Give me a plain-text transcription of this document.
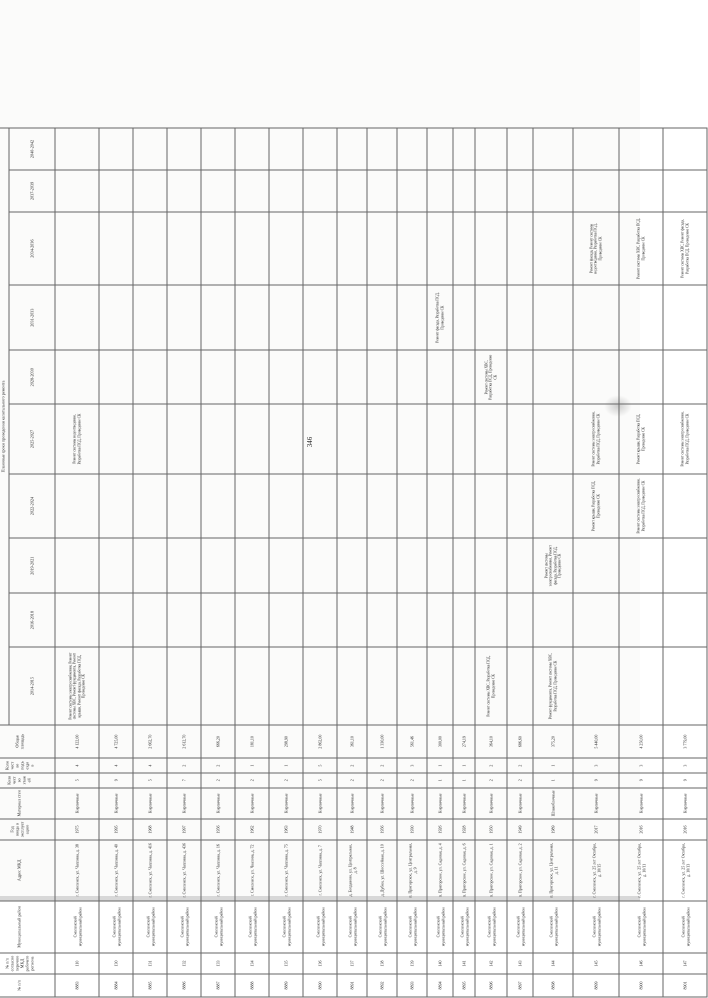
346
№ п/п	№ п/п согласно перечню МКД рабочего региона	Муниципальный район	Адрес МКД	Год ввода в эксплуатацию	Материал стен	Количество этажей	Количество подъездов	Общая площадь	
									Плановые сроки проведения капитального ремонта									
									2014-2015	2016-2018	2019-2021	2022-2024	2025-2027	2028-2030	2031-2033	2034-2036	2037-2039	2040-2042
8883	110	Смоленский муниципальный район	г. Смоленск, ул. Чаплина, д. 38	1975	Кирпичные	5	4	4 122,00	Ремонт системы электроснабжения, Ремонт системы ХВС, Ремонт фундамента, Ремонт крыши, Ремонт фасада, Разработка ПСД, Проведение СК				Ремонт системы водоотведения, Разработка ПСД, Проведение СК					
8884	130	Смоленский муниципальный район	г. Смоленск, ул. Чаплина, д. 40	1995	Кирпичные	9	4	4 725,00										
8885	131	Смоленский муниципальный район	г. Смоленск, ул. Чаплина, д. 41б	1968	Кирпичные	5	4	2 662,70										
8886	132	Смоленский муниципальный район	г. Смоленск, ул. Чаплина, д. 43б	1997	Кирпичные	7	2	2 612,70										
8887	133	Смоленский муниципальный район	г. Смоленск, ул. Чаплина, д. 16	1956	Кирпичные	2	2	666,20										
8888	134	Смоленский муниципальный район	г. Смоленск, ул. Чкалова, д. 72	1962	Кирпичные	2	1	181,10										
8889	135	Смоленский муниципальный район	г. Смоленск, ул. Чаплина, д. 75	1963	Кирпичные	2	1	298,90										
8890	136	Смоленский муниципальный район	г. Смоленск, ул. Чаплина, д. 7	1970	Кирпичные	5	5	2 862,00										
8891	137	Смоленский муниципальный район	д. Богданово, ул. Центральная, д. 8	1948	Кирпичные	2	2	361,10										
8892	138	Смоленский муниципальный район	д. Дубки, ул. Шоссейная, д. 10	1956	Кирпичные	2	2	1 330,00										
8893	139	Смоленский муниципальный район	п. Пригорское, ул. Центральная, д. 9	1930	Кирпичные	2	3	561,46										
8894	140	Смоленский муниципальный район	п. Пригорское, ул. Садовая, д. 4	1926	Кирпичные	1	1	300,00							Ремонт фасада, Разработка ПСД, Проведение СК			
8895	141	Смоленский муниципальный район	п. Пригорское, ул. Садовая, д. 6	1928	Кирпичные	1	1	274,19										
8896	142	Смоленский муниципальный район	п. Пригорское, ул. Садовая, д. 1	1950	Кирпичные	2	2	364,10	Ремонт системы ХВС, Разработка ПСД, Проведение СК					Ремонт системы ХВС, Разработка ПСД, Проведение СК				
8897	143	Смоленский муниципальный район	п. Пригорское, ул. Садовая, д. 2	1949	Кирпичные	2	2	686,60										
8898	144	Смоленский муниципальный район	п. Пригорское, ул. Центральная, д. 11	1989	Шлакоблочные	1	1	375,20	Ремонт фундамента, Ремонт системы ХВС, Разработка ПСД, Проведение СК		Ремонт системы электроснабжения, Ремонт фасада, Разработка ПСД, Проведение СК							
8899	145	Смоленский муниципальный район	г. Смоленск, ул. 25 лет Октября, д. 10/15	2017	Кирпичные	9	3	5 440,00				Ремонт крыши, Разработка ПСД, Проведение СК	Ремонт системы электроснабжения, Разработка ПСД, Проведение СК			Ремонт фасада, Ремонт системы водоотведения, Разработка ПСД, Проведение СК		
8900	146	Смоленский муниципальный район	г. Смоленск, ул. 25 лет Октября, д. 10/11	2016	Кирпичные	9	3	4 250,00				Ремонт системы электроснабжения, Разработка ПСД, Проведение СК	Ремонт крыши, Разработка ПСД, Проведение СК			Ремонт системы ХВС, Разработка ПСД, Проведение СК		
8901	147	Смоленский муниципальный район	г. Смоленск, ул. 25 лет Октября, д. 10/13	2016	Кирпичные	9	3	3 779,00					Ремонт системы электроснабжения, Разработка ПСД, Проведение СК			Ремонт системы ХВС, Ремонт фасада, Разработка ПСД, Проведение СК		
